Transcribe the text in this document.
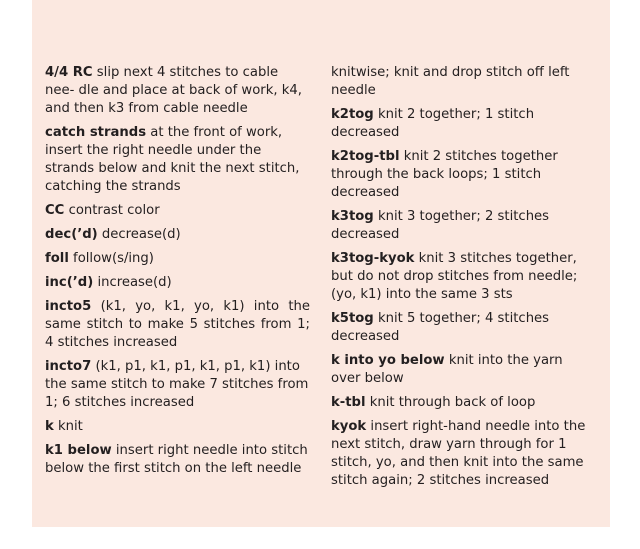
4/4 RC slip next 4 stitches to cable nee- dle and place at back of work, k4, and then k3 from cable needle

catch strands at the front of work, insert the right needle under the strands below and knit the next stitch, catching the strands

CC contrast color

dec(’d) decrease(d)

foll follow(s/ing)

inc(’d) increase(d)

incto5 (k1, yo, k1, yo, k1) into the same stitch to make 5 stitches from 1; 4 stitches increased

incto7 (k1, p1, k1, p1, k1, p1, k1) into the same stitch to make 7 stitches from 1; 6 stitches increased

k knit

k1 below insert right needle into stitch below the first stitch on the left needle

knitwise; knit and drop stitch off left needle

k2tog knit 2 together; 1 stitch decreased

k2tog-tbl knit 2 stitches together through the back loops; 1 stitch decreased

k3tog knit 3 together; 2 stitches decreased

k3tog-kyok knit 3 stitches together, but do not drop stitches from needle; (yo, k1) into the same 3 sts

k5tog knit 5 together; 4 stitches decreased

k into yo below knit into the yarn over below

k-tbl knit through back of loop

kyok insert right-hand needle into the next stitch, draw yarn through for 1 stitch, yo, and then knit into the same stitch again; 2 stitches increased
